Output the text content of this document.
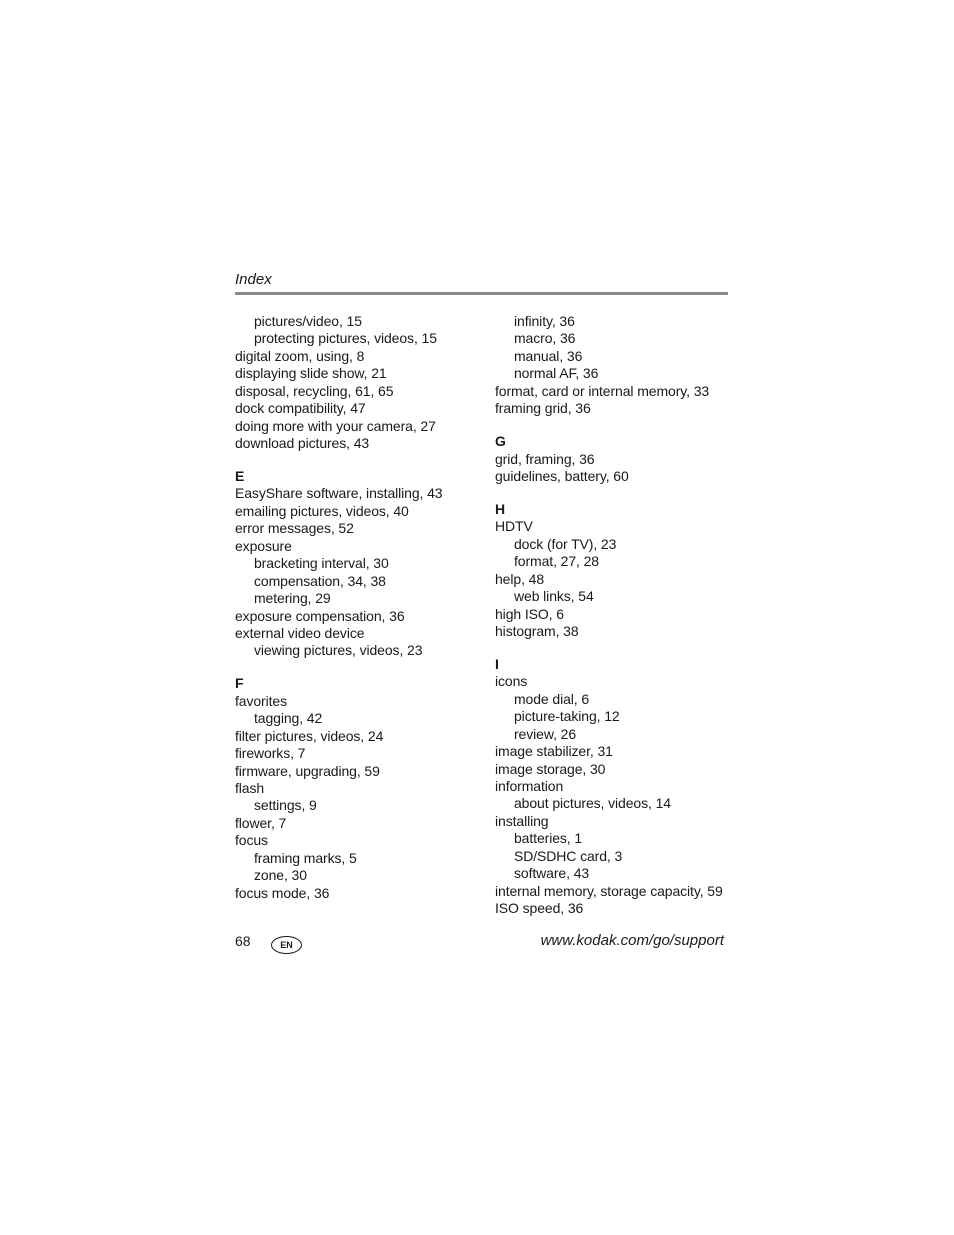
Index
pictures/video, 15
protecting pictures, videos, 15
digital zoom, using, 8
displaying slide show, 21
disposal, recycling, 61, 65
dock compatibility, 47
doing more with your camera, 27
download pictures, 43
E
EasyShare software, installing, 43
emailing pictures, videos, 40
error messages, 52
exposure
bracketing interval, 30
compensation, 34, 38
metering, 29
exposure compensation, 36
external video device
viewing pictures, videos, 23
F
favorites
tagging, 42
filter pictures, videos, 24
fireworks, 7
firmware, upgrading, 59
flash
settings, 9
flower, 7
focus
framing marks, 5
zone, 30
focus mode, 36
infinity, 36
macro, 36
manual, 36
normal AF, 36
format, card or internal memory, 33
framing grid, 36
G
grid, framing, 36
guidelines, battery, 60
H
HDTV
dock (for TV), 23
format, 27, 28
help, 48
web links, 54
high ISO, 6
histogram, 38
I
icons
mode dial, 6
picture-taking, 12
review, 26
image stabilizer, 31
image storage, 30
information
about pictures, videos, 14
installing
batteries, 1
SD/SDHC card, 3
software, 43
internal memory, storage capacity, 59
ISO speed, 36
68	EN	www.kodak.com/go/support
